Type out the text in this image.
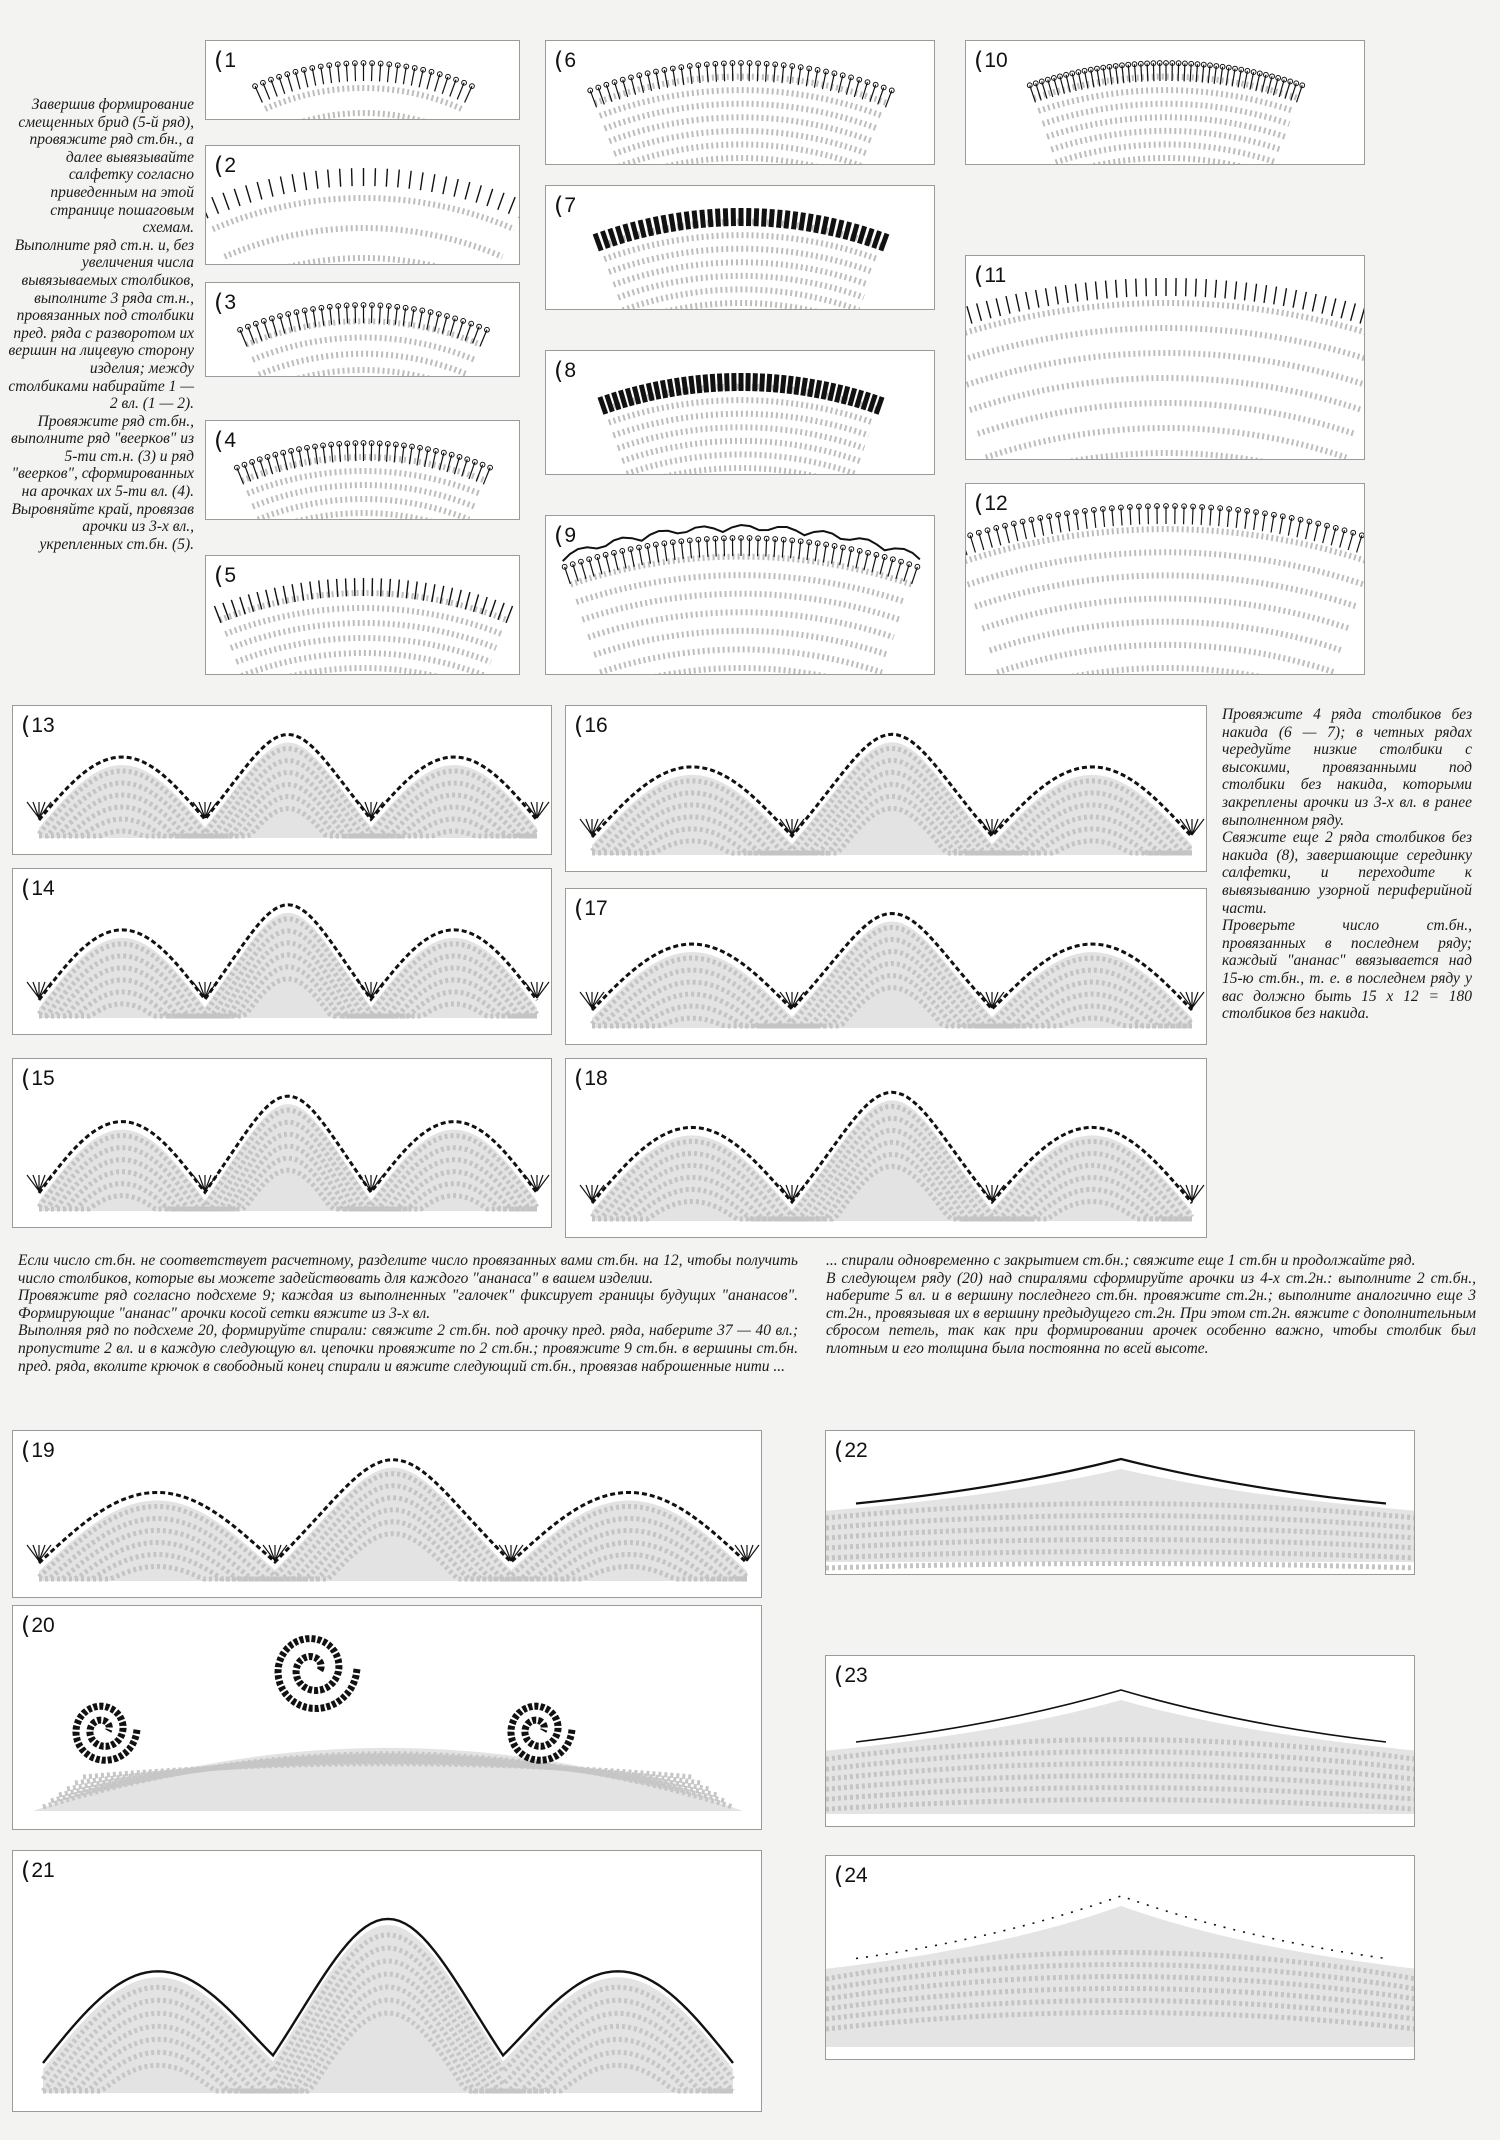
Завершив формирование смещенных брид (5-й ряд), провяжите ряд ст.бн., а далее вывязывайте салфетку согласно приведенным на этой странице пошаговым схемам.

Выполните ряд ст.н. и, без увеличения числа вывязываемых столбиков, выполните 3 ряда ст.н., провязанных под столбики пред. ряда с разворотом их вершин на лицевую сторону изделия; между столбиками набирайте 1 — 2 вл. (1 — 2).

Провяжите ряд ст.бн., выполните ряд "веерков" из 5-ти ст.н. (3) и ряд "веерков", сформированных на арочках их 5-ти вл. (4). Выровняйте край, провязав арочки из 3-х вл., укрепленных ст.бн. (5).

Провяжите 4 ряда столбиков без накида (6 — 7); в четных рядах чередуйте низкие столбики с высокими, провязанными под столбики без накида, которыми закреплены арочки из 3-х вл. в ранее выполненном ряду.

Свяжите еще 2 ряда столбиков без накида (8), завершающие серединку салфетки, и переходите к вывязыванию узорной периферийной части.

Проверьте число ст.бн., провязанных в последнем ряду; каждый "ананас" ввязывается над 15-ю ст.бн., т. е. в последнем ряду у вас должно быть 15 х 12 = 180 столбиков без накида.

Если число ст.бн. не соответствует расчетному, разделите число провязанных вами ст.бн. на 12, чтобы получить число столбиков, которые вы можете задействовать для каждого "ананаса" в вашем изделии.

Провяжите ряд согласно подсхеме 9; каждая из выполненных "галочек" фиксирует границы будущих "ананасов". Формирующие "ананас" арочки косой сетки вяжите из 3-х вл.

Выполняя ряд по подсхеме 20, формируйте спирали: свяжите 2 ст.бн. под арочку пред. ряда, наберите 37 — 40 вл.; пропустите 2 вл. и в каждую следующую вл. цепочки провяжите по 2 ст.бн.; провяжите 9 ст.бн. в вершины ст.бн. пред. ряда, вколите крючок в свободный конец спирали и вяжите следующий ст.бн., провязав наброшенные нити ...

... спирали одновременно с закрытием ст.бн.; свяжите еще 1 ст.бн и продолжайте ряд.

В следующем ряду (20) над спиралями сформируйте арочки из 4-х ст.2н.: выполните 2 ст.бн., наберите 5 вл. и в вершину последнего ст.бн. провяжите ст.2н.; выполните аналогично еще 3 ст.2н., провязывая их в вершину предыдущего ст.2н. При этом ст.2н. вяжите с дополнительным сбросом петель, так как при формировании арочек особенно важно, чтобы столбик был плотным и его толщина была постоянна по всей высоте.

(1
(2
(3
(4
(5
(6
(7
(8
(9
(10
(11
(12
(13
(14
(15
(16
(17
(18
(19
(20
(21
(22
(23
(24
